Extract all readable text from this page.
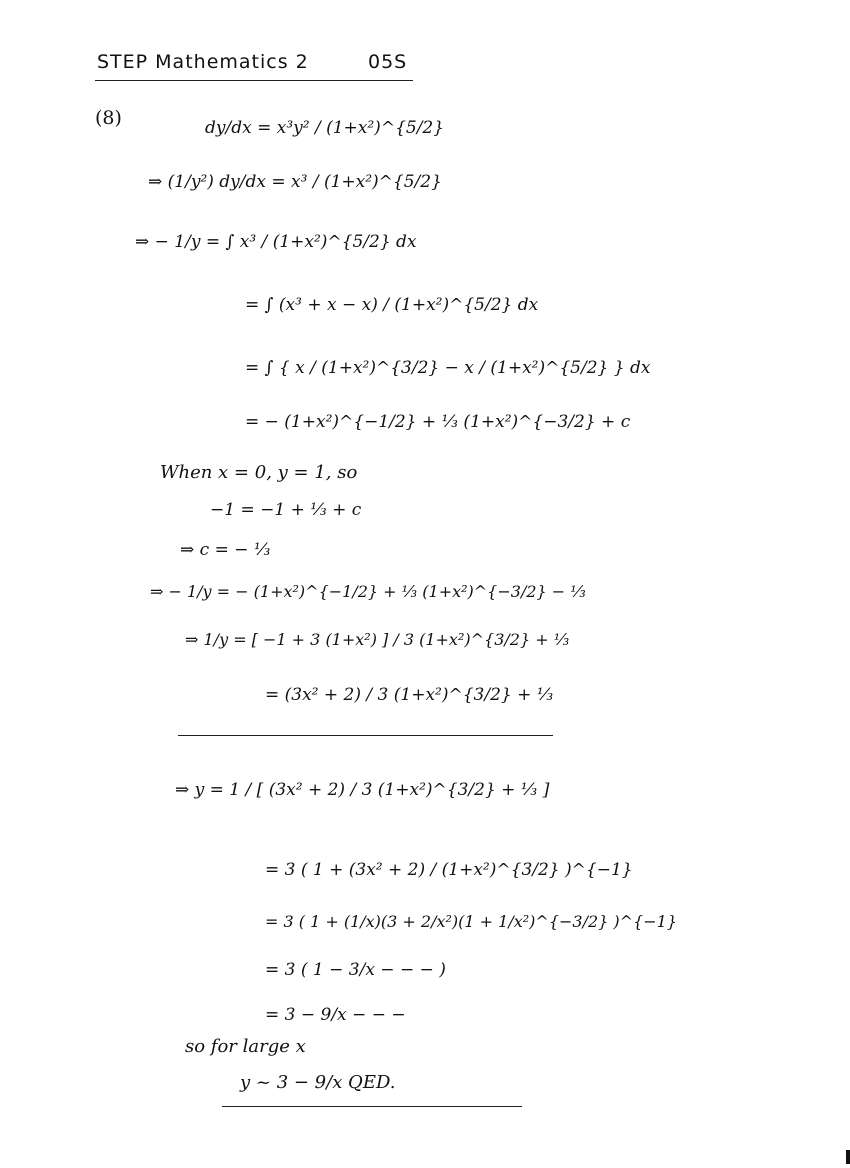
STEP Mathematics 2	05S
(8)	dy/dx = x³y² / (1+x²)^{5/2}
⇒ (1/y²) dy/dx = x³ / (1+x²)^{5/2}
⇒ − 1/y = ∫ x³ / (1+x²)^{5/2} dx
= ∫ (x³ + x − x) / (1+x²)^{5/2} dx
= ∫ { x / (1+x²)^{3/2} − x / (1+x²)^{5/2} } dx
= − (1+x²)^{−1/2} + ⅓ (1+x²)^{−3/2} + c
When x = 0, y = 1, so
−1 = −1 + ⅓ + c
⇒ c = − ⅓
⇒ − 1/y = − (1+x²)^{−1/2} + ⅓ (1+x²)^{−3/2} − ⅓
⇒ 1/y = [ −1 + 3 (1+x²) ] / 3 (1+x²)^{3/2} + ⅓
= (3x² + 2) / 3 (1+x²)^{3/2} + ⅓
⇒ y = 1 / [ (3x² + 2) / 3 (1+x²)^{3/2} + ⅓ ]
= 3 ( 1 + (3x² + 2) / (1+x²)^{3/2} )^{−1}
= 3 ( 1 + (1/x)(3 + 2/x²)(1 + 1/x²)^{−3/2} )^{−1}
= 3 ( 1 − 3/x − − − )
= 3 − 9/x − − −
so for large x
y ~ 3 − 9/x QED.
